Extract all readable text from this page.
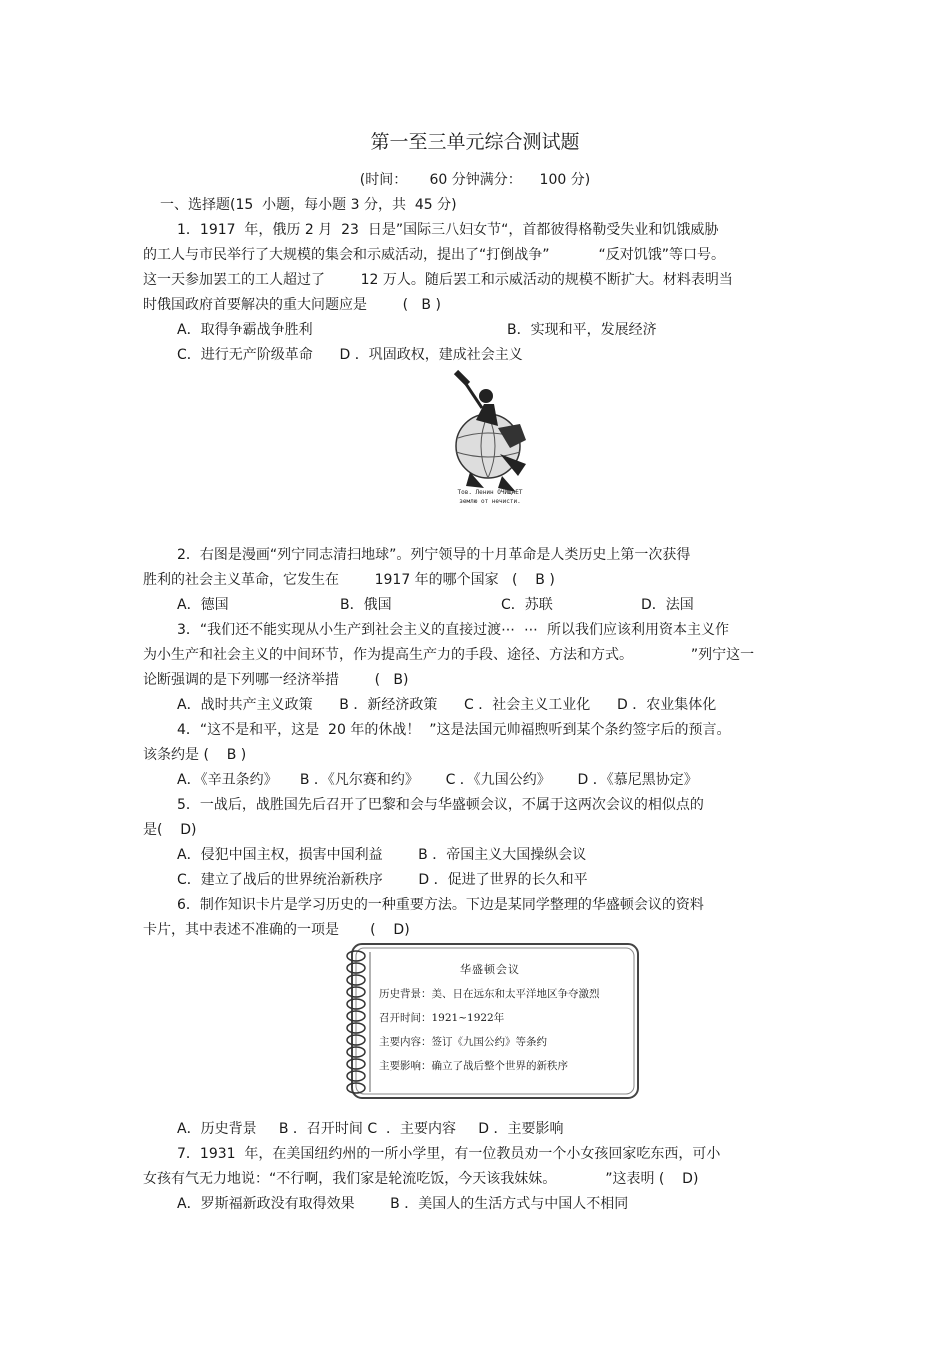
第一至三单元综合测试题
(时间：     60 分钟满分：    100 分)
一、选择题(15  小题，每小题 3 分，共  45 分)
1．1917  年，俄历 2 月  23  日是”国际三八妇女节“，首都彼得格勒受失业和饥饿威胁
的工人与市民举行了大规模的集会和示威活动，提出了“打倒战争”           “反对饥饿”等口号。
这一天参加罢工的工人超过了        12 万人。随后罢工和示威活动的规模不断扩大。材料表明当
时俄国政府首要解决的重大问题应是        (   B )
A．取得争霸战争胜利	B．实现和平，发展经济
C．进行无产阶级革命      D ．巩固政权，建成社会主义
Тов. Ленин ОЧИЩАЕТ
землю от нечисти.
2．右图是漫画“列宁同志清扫地球”。列宁领导的十月革命是人类历史上第一次获得
胜利的社会主义革命，它发生在        1917 年的哪个国家   (    B )
A．德国	B．俄国	C．苏联	D．法国
3．“我们还不能实现从小生产到社会主义的直接过渡⋯  ⋯  所以我们应该利用资本主义作
为小生产和社会主义的中间环节，作为提高生产力的手段、途径、方法和方式。             ”列宁这一
论断强调的是下列哪一经济举措        (   B)
A．战时共产主义政策      B ．新经济政策      C ．社会主义工业化      D ．农业集体化
4．“这不是和平，这是  20 年的休战！  ”这是法国元帅福煦听到某个条约签字后的预言。
该条约是 (    B )
A．《辛丑条约》     B ．《凡尔赛和约》      C ．《九国公约》      D ．《慕尼黑协定》
5．一战后，战胜国先后召开了巴黎和会与华盛顿会议，不属于这两次会议的相似点的
是(    D)
A．侵犯中国主权，损害中国利益        B ．帝国主义大国操纵会议
C．建立了战后的世界统治新秩序        D ．促进了世界的长久和平
6．制作知识卡片是学习历史的一种重要方法。下边是某同学整理的华盛顿会议的资料
卡片，其中表述不准确的一项是       (    D)
华盛顿会议
历史背景：美、日在远东和太平洋地区争夺激烈
召开时间：1921~1922年
主要内容：签订《九国公约》等条约
主要影响：确立了战后整个世界的新秩序
A．历史背景     B ．召开时间 C  ．主要内容     D ．主要影响
7．1931  年，在美国纽约州的一所小学里，有一位教员劝一个小女孩回家吃东西，可小
女孩有气无力地说：“不行啊，我们家是轮流吃饭，今天该我妹妹。           ”这表明 (    D)
A．罗斯福新政没有取得效果        B ．美国人的生活方式与中国人不相同
